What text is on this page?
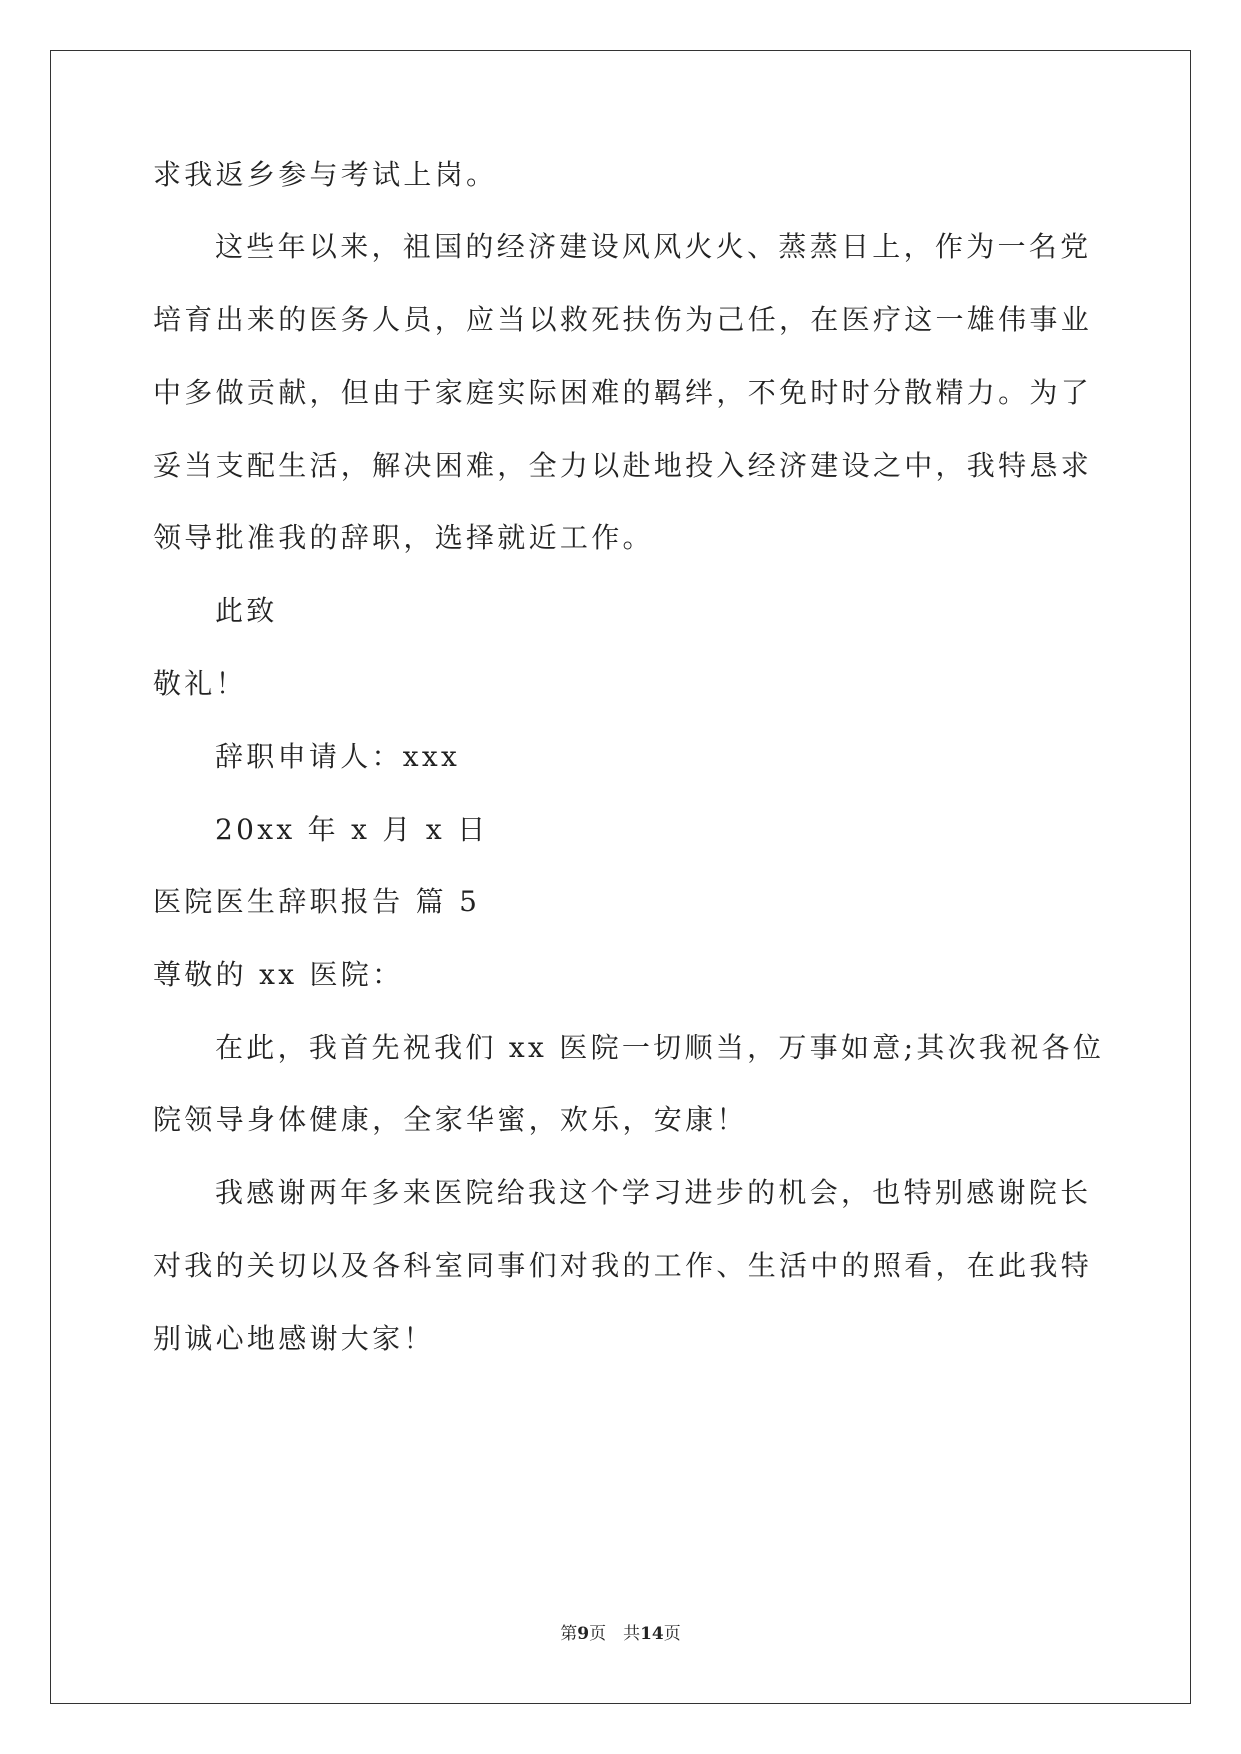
求我返乡参与考试上岗。
这些年以来，祖国的经济建设风风火火、蒸蒸日上，作为一名党
培育出来的医务人员，应当以救死扶伤为己任，在医疗这一雄伟事业
中多做贡献，但由于家庭实际困难的羁绊，不免时时分散精力。为了
妥当支配生活，解决困难，全力以赴地投入经济建设之中，我特恳求
领导批准我的辞职，选择就近工作。
此致
敬礼！
辞职申请人：xxx
20xx 年 x 月 x 日
医院医生辞职报告 篇 5
尊敬的 xx 医院：
在此，我首先祝我们 xx 医院一切顺当，万事如意;其次我祝各位
院领导身体健康，全家华蜜，欢乐，安康！
我感谢两年多来医院给我这个学习进步的机会，也特别感谢院长
对我的关切以及各科室同事们对我的工作、生活中的照看，在此我特
别诚心地感谢大家！
第9页　共14页
